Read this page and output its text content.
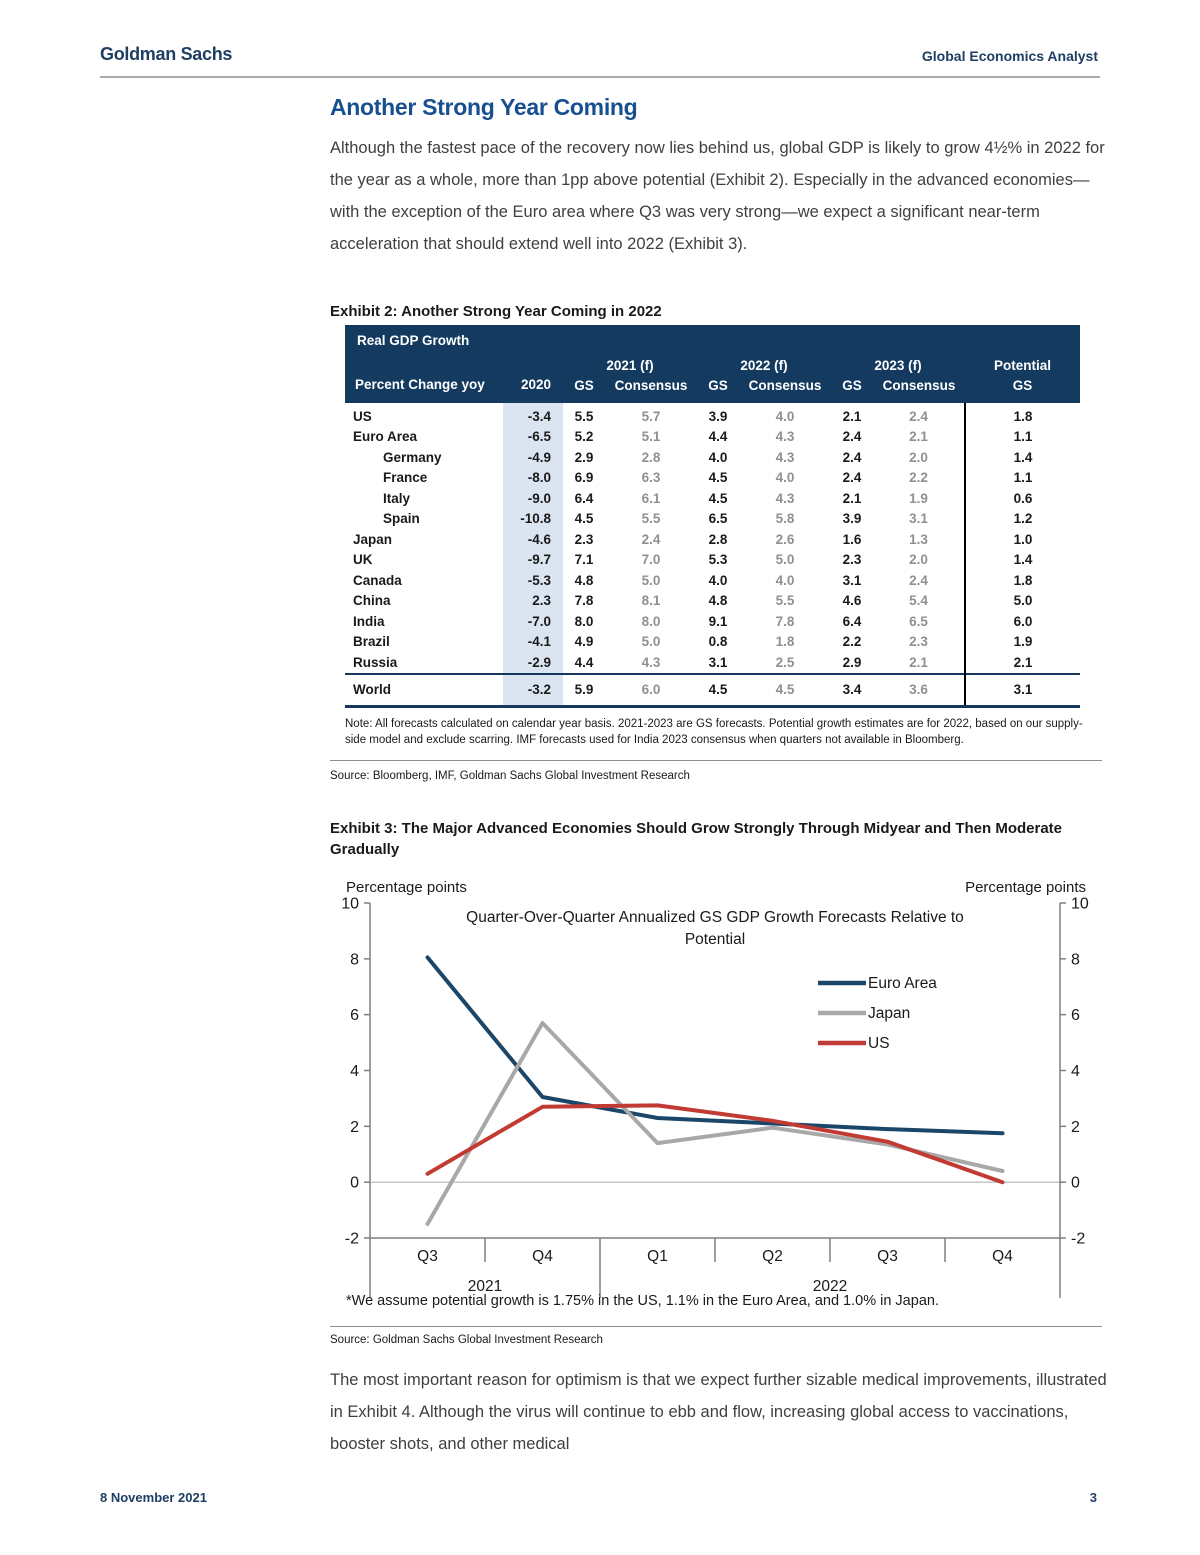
Goldman Sachs	Global Economics Analyst
Another Strong Year Coming

Although the fastest pace of the recovery now lies behind us, global GDP is likely to grow 4½% in 2022 for the year as a whole, more than 1pp above potential (Exhibit 2). Especially in the advanced economies—with the exception of the Euro area where Q3 was very strong—we expect a significant near-term acceleration that should extend well into 2022 (Exhibit 3).

Exhibit 2: Another Strong Year Coming in 2022
Real GDP Growth								
Percent Change yoy	2020	2021 (f)		2022 (f)		2023 (f)		Potential
		GS	Consensus	GS	Consensus	GS	Consensus	GS
US	-3.4	5.5	5.7	3.9	4.0	2.1	2.4	1.8
Euro Area	-6.5	5.2	5.1	4.4	4.3	2.4	2.1	1.1
Germany	-4.9	2.9	2.8	4.0	4.3	2.4	2.0	1.4
France	-8.0	6.9	6.3	4.5	4.0	2.4	2.2	1.1
Italy	-9.0	6.4	6.1	4.5	4.3	2.1	1.9	0.6
Spain	-10.8	4.5	5.5	6.5	5.8	3.9	3.1	1.2
Japan	-4.6	2.3	2.4	2.8	2.6	1.6	1.3	1.0
UK	-9.7	7.1	7.0	5.3	5.0	2.3	2.0	1.4
Canada	-5.3	4.8	5.0	4.0	4.0	3.1	2.4	1.8
China	2.3	7.8	8.1	4.8	5.5	4.6	5.4	5.0
India	-7.0	8.0	8.0	9.1	7.8	6.4	6.5	6.0
Brazil	-4.1	4.9	5.0	0.8	1.8	2.2	2.3	1.9
Russia	-2.9	4.4	4.3	3.1	2.5	2.9	2.1	2.1
World	-3.2	5.9	6.0	4.5	4.5	3.4	3.6	3.1
Note: All forecasts calculated on calendar year basis. 2021-2023 are GS forecasts. Potential growth estimates are for 2022, based on our supply-side model and exclude scarring. IMF forecasts used for India 2023 consensus when quarters not available in Bloomberg.
Source: Bloomberg, IMF, Goldman Sachs Global Investment Research
Exhibit 3: The Major Advanced Economies Should Grow Strongly Through Midyear and Then Moderate Gradually
10	10
8	8
6	6
4	4
2	2
0	0
-2	-2
Q3	Q4	Q1	Q2	Q3	Q4
2021	2022
Percentage points	Percentage points
Quarter-Over-Quarter Annualized GS GDP Growth Forecasts Relative to
Potential
Euro Area
Japan
US
*We assume potential growth is 1.75% in the US, 1.1% in the Euro Area, and 1.0% in Japan.
Source: Goldman Sachs Global Investment Research

The most important reason for optimism is that we expect further sizable medical improvements, illustrated in Exhibit 4. Although the virus will continue to ebb and flow, increasing global access to vaccinations, booster shots, and other medical

8 November 2021	3
